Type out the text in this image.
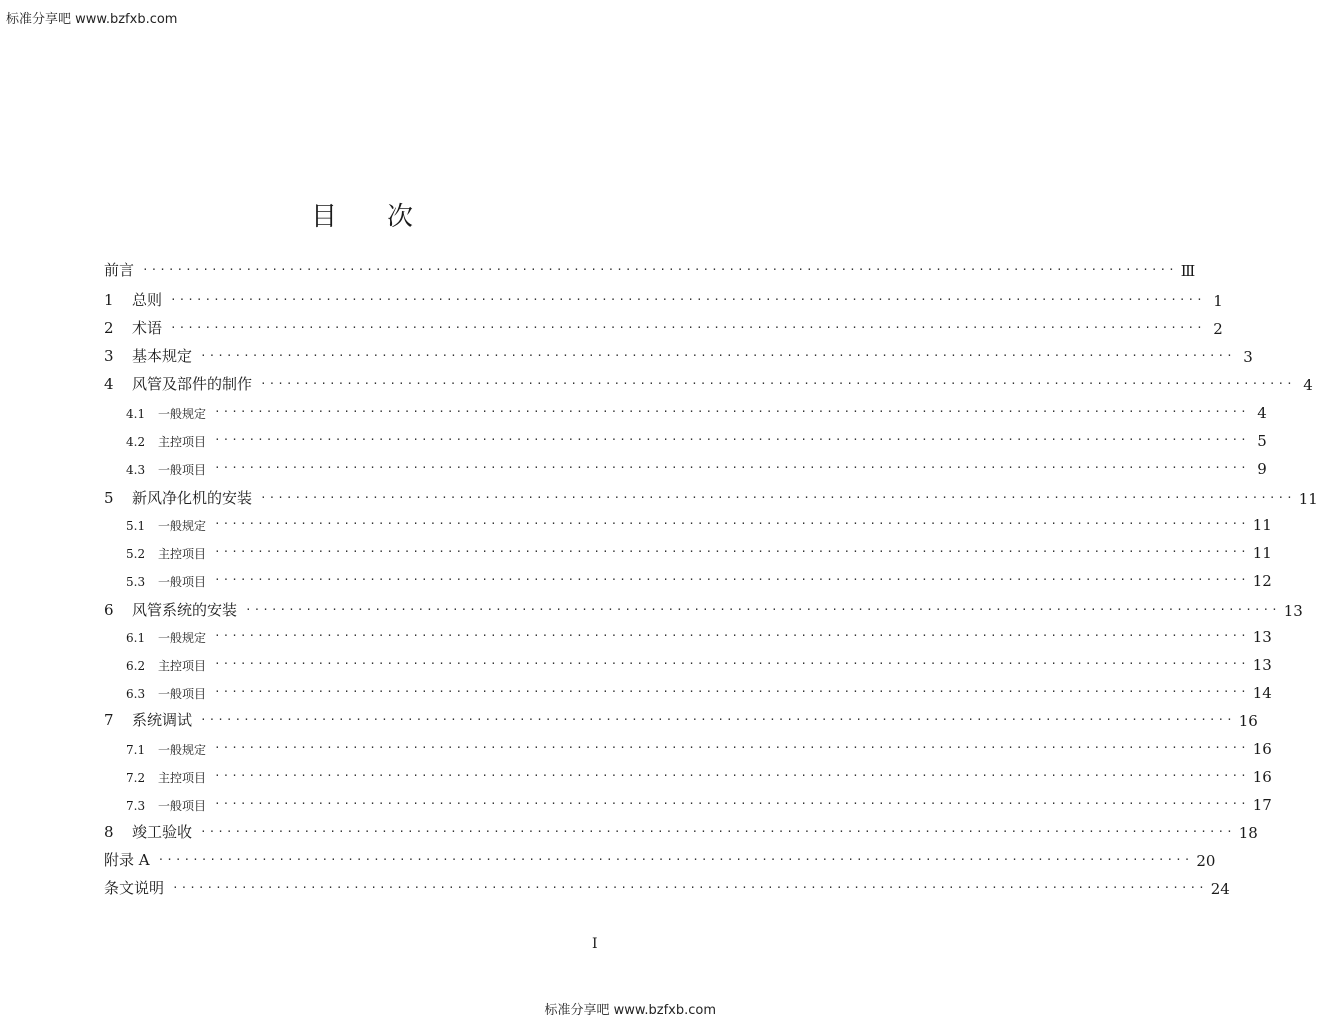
标准分享吧 www.bzfxb.com
目次
前言 ························································································································ Ⅲ
1 总则 ························································································································ 1
2 术语 ························································································································ 2
3 基本规定 ························································································································ 3
4 风管及部件的制作 ························································································································ 4
4.1 一般规定 ························································································································ 4
4.2 主控项目 ························································································································ 5
4.3 一般项目 ························································································································ 9
5 新风净化机的安装 ························································································································ 11
5.1 一般规定 ························································································································ 11
5.2 主控项目 ························································································································ 11
5.3 一般项目 ························································································································ 12
6 风管系统的安装 ························································································································ 13
6.1 一般规定 ························································································································ 13
6.2 主控项目 ························································································································ 13
6.3 一般项目 ························································································································ 14
7 系统调试 ························································································································ 16
7.1 一般规定 ························································································································ 16
7.2 主控项目 ························································································································ 16
7.3 一般项目 ························································································································ 17
8 竣工验收 ························································································································ 18
附录 A ························································································································ 20
条文说明 ························································································································ 24
I
标准分享吧 www.bzfxb.com
